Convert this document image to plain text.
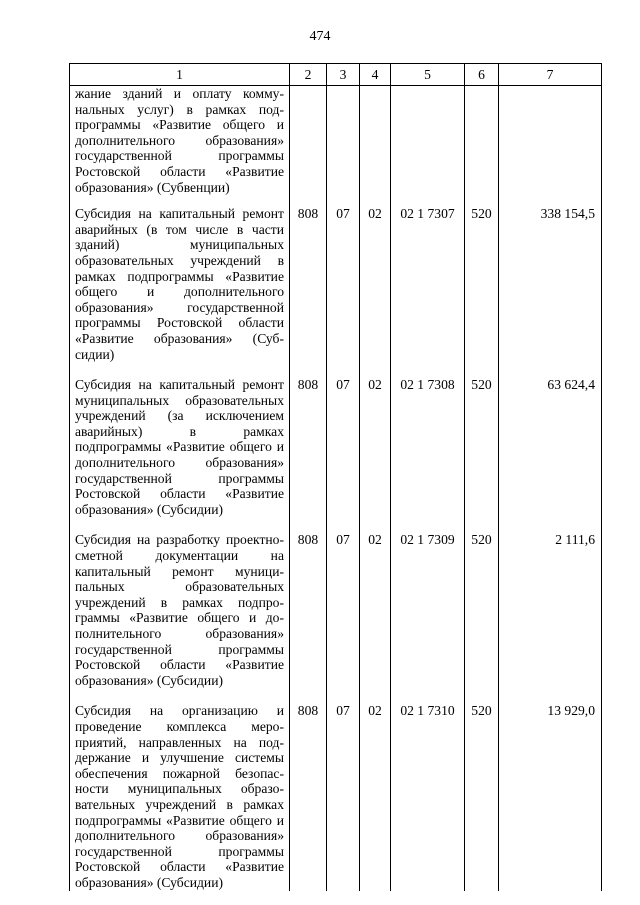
474
1	2	3	4	5	6	7
жание зданий и оплату коммунальных услуг) в рамках подпрограммы «Развитие общего и дополнительного образования» государственной программы Ростовской области «Развитие образования» (Субвенции)						
Субсидия на капитальный ремонт аварийных (в том числе в части зданий) муниципальных образовательных учреждений в рамках подпрограммы «Развитие общего и дополнительного образования» государственной программы Ростовской области «Развитие образования» (Субсидии)	808	07	02	02 1 7307	520	338 154,5
Субсидия на капитальный ремонт муниципальных образовательных учреждений (за исключением аварийных) в рамках подпрограммы «Развитие общего и дополнительного образования» государственной программы Ростовской области «Развитие образования» (Субсидии)	808	07	02	02 1 7308	520	63 624,4
Субсидия на разработку проектно-сметной документации на капитальный ремонт муниципальных образовательных учреждений в рамках подпрограммы «Развитие общего и дополнительного образования» государственной программы Ростовской области «Развитие образования» (Субсидии)	808	07	02	02 1 7309	520	2 111,6
Субсидия на организацию и проведение комплекса мероприятий, направленных на поддержание и улучшение системы обеспечения пожарной безопасности муниципальных образовательных учреждений в рамках подпрограммы «Развитие общего и дополнительного образования» государственной программы Ростовской области «Развитие образования» (Субсидии)	808	07	02	02 1 7310	520	13 929,0
